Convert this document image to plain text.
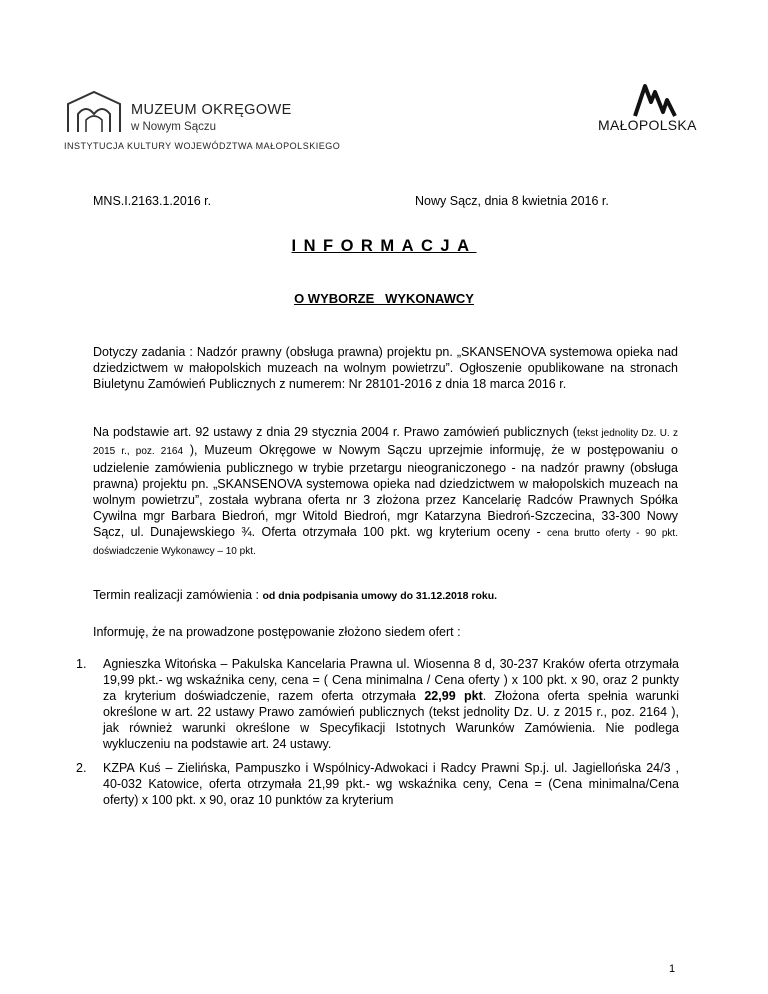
MUZEUM OKRĘGOWE
w Nowym Sączu
INSTYTUCJA KULTURY WOJEWÓDZTWA MAŁOPOLSKIEGO
MAŁOPOLSKA
MNS.I.2163.1.2016 r.	Nowy Sącz, dnia 8 kwietnia 2016 r.
INFORMACJA
O WYBORZE   WYKONAWCY

Dotyczy zadania : Nadzór prawny (obsługa prawna) projektu pn. „SKANSENOVA systemowa opieka nad dziedzictwem w małopolskich muzeach na wolnym powietrzu”. Ogłoszenie opublikowane na stronach Biuletynu Zamówień Publicznych z numerem: Nr 28101-2016 z dnia 18 marca 2016 r.

Na podstawie art. 92 ustawy z dnia 29 stycznia 2004 r. Prawo zamówień publicznych (tekst jednolity Dz. U. z 2015 r., poz. 2164 ), Muzeum Okręgowe w Nowym Sączu uprzejmie informuję, że w postępowaniu o udzielenie zamówienia publicznego w trybie przetargu nieograniczonego - na nadzór prawny (obsługa prawna) projektu pn. „SKANSENOVA systemowa opieka nad dziedzictwem w małopolskich muzeach na wolnym powietrzu”, została wybrana oferta nr 3 złożona przez Kancelarię Radców Prawnych Spółka Cywilna mgr Barbara Biedroń, mgr Witold Biedroń, mgr Katarzyna Biedroń-Szczecina, 33-300 Nowy Sącz, ul. Dunajewskiego ¾. Oferta otrzymała 100 pkt. wg kryterium oceny - cena brutto oferty - 90 pkt. doświadczenie Wykonawcy – 10 pkt.

Termin realizacji zamówienia : od dnia podpisania umowy do 31.12.2018 roku.
Informuję, że na prowadzone postępowanie złożono siedem ofert :
1. Agnieszka Witońska – Pakulska Kancelaria Prawna ul. Wiosenna 8 d, 30-237 Kraków oferta otrzymała 19,99 pkt.- wg wskaźnika ceny, cena = ( Cena minimalna / Cena oferty ) x 100 pkt. x 90, oraz 2 punkty za kryterium doświadczenie, razem oferta otrzymała 22,99 pkt. Złożona oferta spełnia warunki określone w art. 22 ustawy Prawo zamówień publicznych (tekst jednolity Dz. U. z 2015 r., poz. 2164 ), jak również warunki określone w Specyfikacji Istotnych Warunków Zamówienia. Nie podlega wykluczeniu na podstawie art. 24 ustawy.
2. KZPA Kuś – Zielińska, Pampuszko i Wspólnicy-Adwokaci i Radcy Prawni Sp.j. ul. Jagiellońska 24/3 , 40-032 Katowice, oferta otrzymała 21,99 pkt.- wg wskaźnika ceny, Cena = (Cena minimalna/Cena oferty) x 100 pkt. x 90, oraz 10 punktów za kryterium
1
